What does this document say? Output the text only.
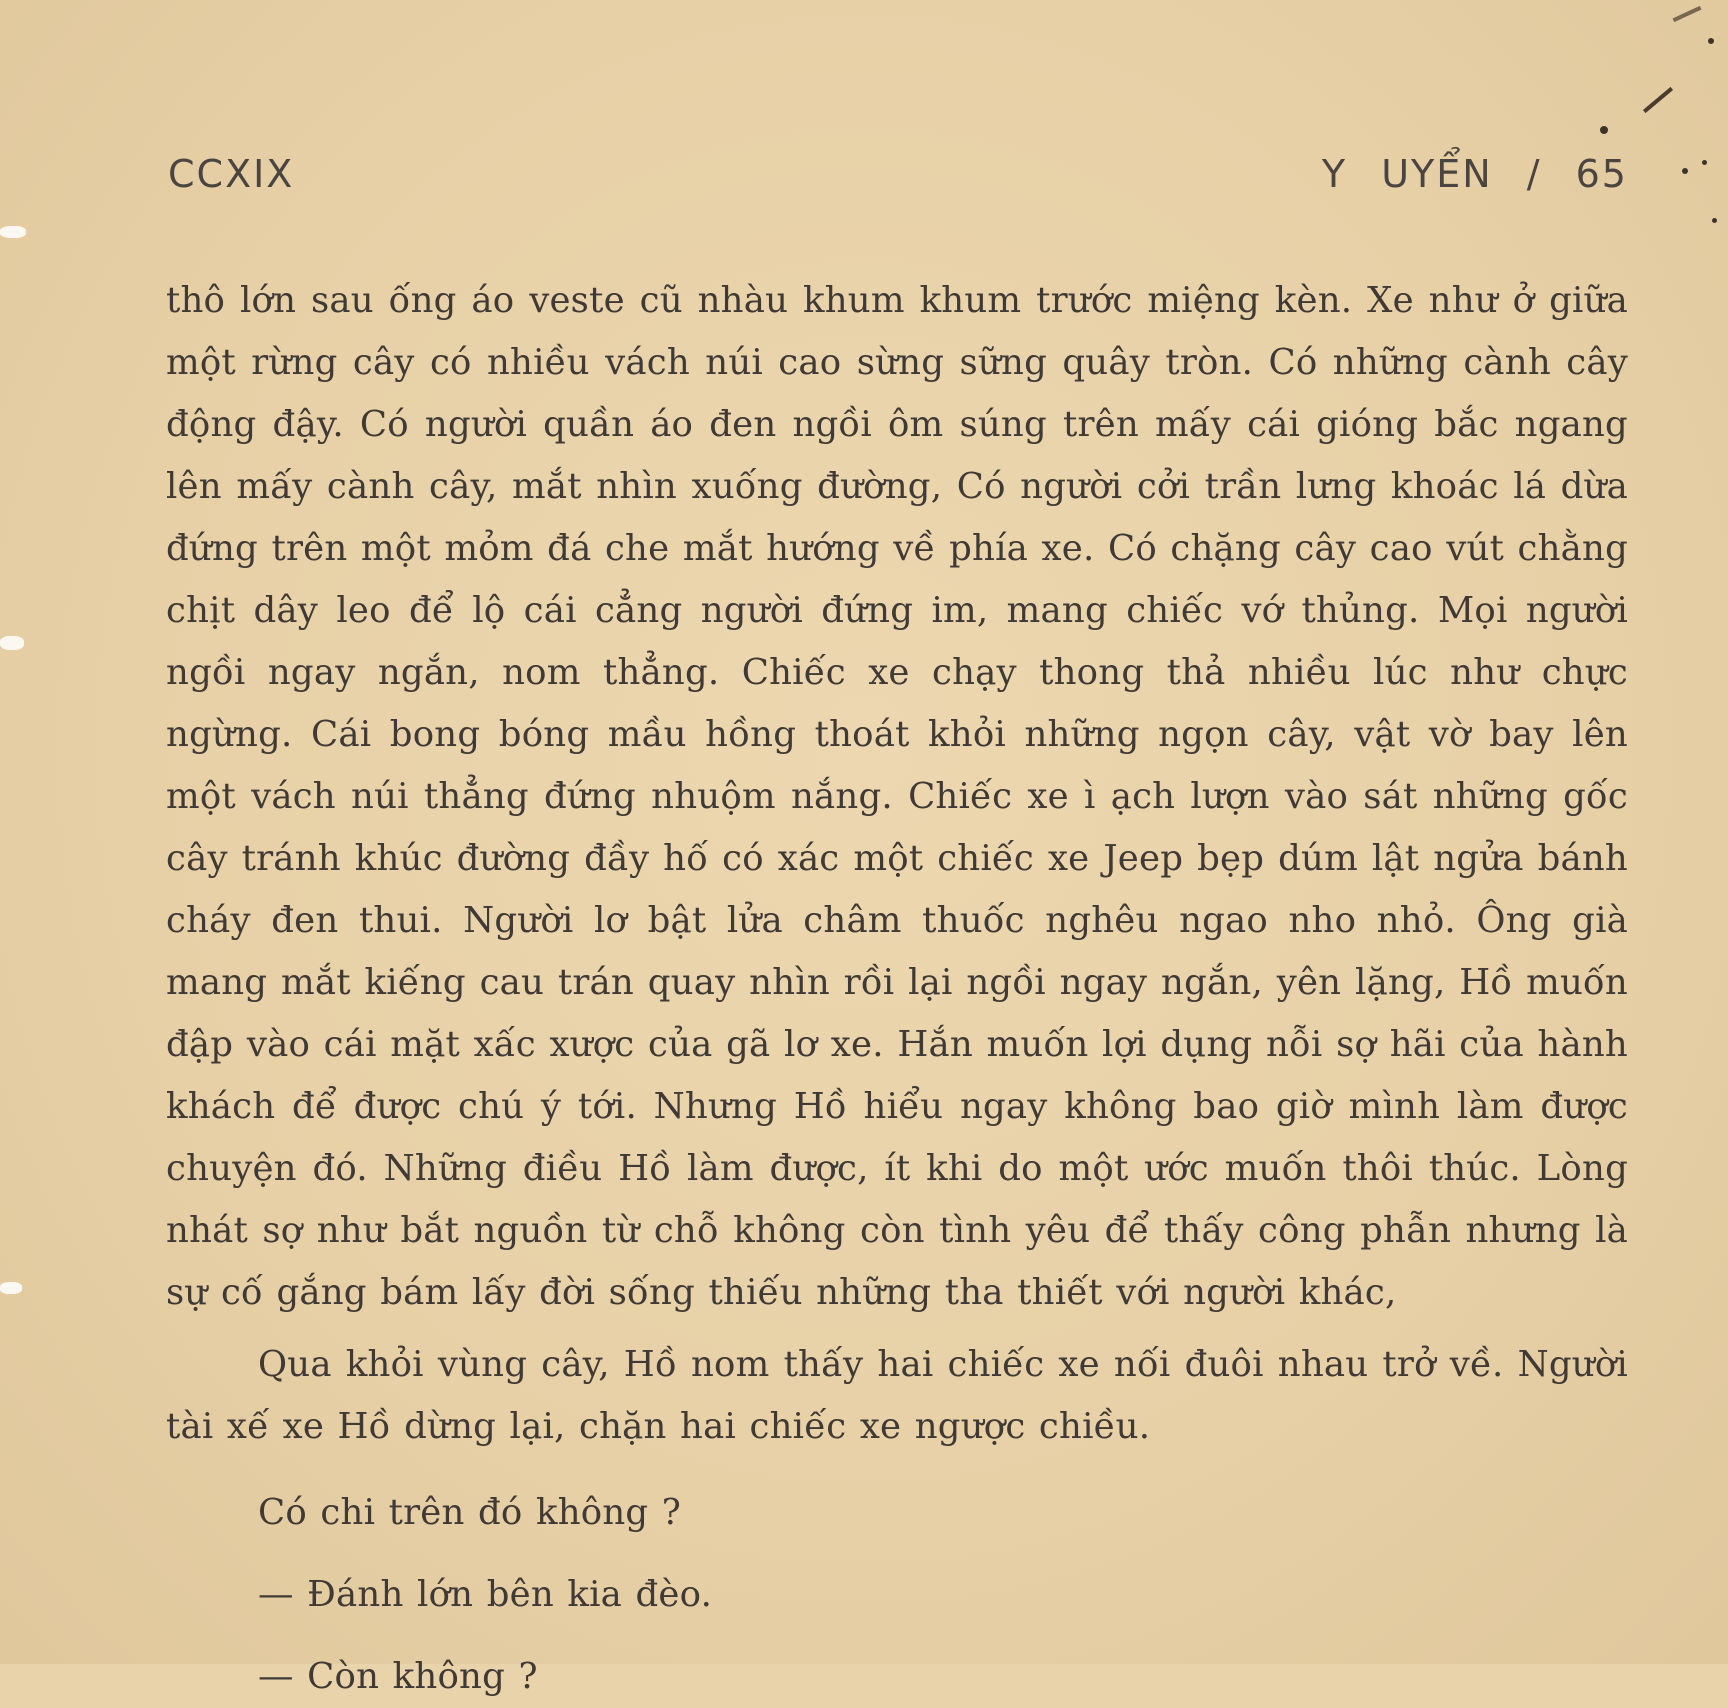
CCXIX	Y UYỂN / 65

thô lớn sau ống áo veste cũ nhàu khum khum trước miệng kèn. Xe như ở giữa một rừng cây có nhiều vách núi cao sừng sững quây tròn. Có những cành cây động đậy. Có người quần áo đen ngồi ôm súng trên mấy cái gióng bắc ngang lên mấy cành cây, mắt nhìn xuống đường, Có người cởi trần lưng khoác lá dừa đứng trên một mỏm đá che mắt hướng về phía xe. Có chặng cây cao vút chằng chịt dây leo để lộ cái cẳng người đứng im, mang chiếc vớ thủng. Mọi người ngồi ngay ngắn, nom thẳng. Chiếc xe chạy thong thả nhiều lúc như chực ngừng. Cái bong bóng mầu hồng thoát khỏi những ngọn cây, vật vờ bay lên một vách núi thẳng đứng nhuộm nắng. Chiếc xe ì ạch lượn vào sát những gốc cây tránh khúc đường đầy hố có xác một chiếc xe Jeep bẹp dúm lật ngửa bánh cháy đen thui. Người lơ bật lửa châm thuốc nghêu ngao nho nhỏ. Ông già mang mắt kiếng cau trán quay nhìn rồi lại ngồi ngay ngắn, yên lặng, Hồ muốn đập vào cái mặt xấc xược của gã lơ xe. Hắn muốn lợi dụng nỗi sợ hãi của hành khách để được chú ý tới. Nhưng Hồ hiểu ngay không bao giờ mình làm được chuyện đó. Những điều Hồ làm được, ít khi do một ước muốn thôi thúc. Lòng nhát sợ như bắt nguồn từ chỗ không còn tình yêu để thấy công phẫn nhưng là sự cố gắng bám lấy đời sống thiếu những tha thiết với người khác,

Qua khỏi vùng cây, Hồ nom thấy hai chiếc xe nối đuôi nhau trở về. Người tài xế xe Hồ dừng lại, chặn hai chiếc xe ngược chiều.

Có chi trên đó không ?

— Đánh lớn bên kia đèo.

— Còn không ?
